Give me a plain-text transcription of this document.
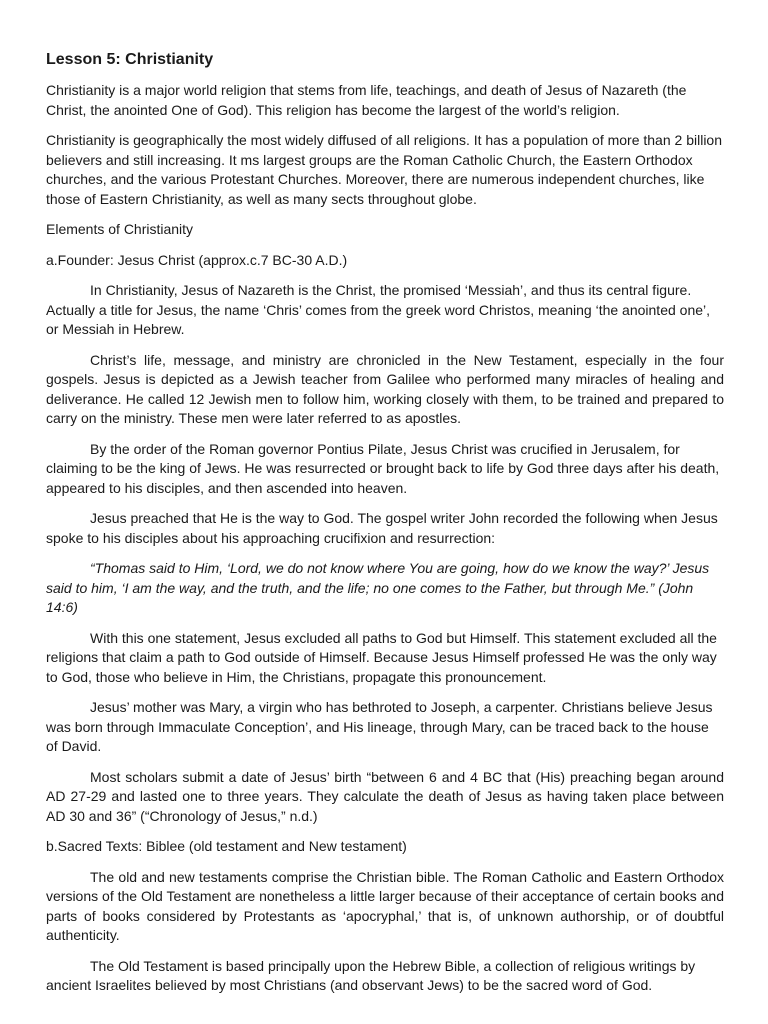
Lesson 5: Christianity

Christianity is a major world religion that stems from life, teachings, and death of Jesus of Nazareth (the Christ, the anointed One of God). This religion has become the largest of the world’s religion.

Christianity is geographically the most widely diffused of all religions. It has a population of more than 2 billion believers and still increasing. It ms largest groups are the Roman Catholic Church, the Eastern Orthodox churches, and the various Protestant Churches. Moreover, there are numerous independent churches, like those of Eastern Christianity, as well as many sects throughout globe.

Elements of Christianity

a.Founder: Jesus Christ (approx.c.7 BC-30 A.D.)

In Christianity, Jesus of Nazareth is the Christ, the promised ‘Messiah’, and thus its central figure. Actually a title for Jesus, the name ‘Chris’ comes from the greek word Christos, meaning ‘the anointed one’, or Messiah in Hebrew.

Christ’s life, message, and ministry are chronicled in the New Testament, especially in the four gospels. Jesus is depicted as a Jewish teacher from Galilee who performed many miracles of healing and deliverance. He called 12 Jewish men to follow him, working closely with them, to be trained and prepared to carry on the ministry. These men were later referred to as apostles.

By the order of the Roman governor Pontius Pilate, Jesus Christ was crucified in Jerusalem, for claiming to be the king of Jews. He was resurrected or brought back to life by God three days after his death, appeared to his disciples, and then ascended into heaven.

Jesus preached that He is the way to God. The gospel writer John recorded the following when Jesus spoke to his disciples about his approaching crucifixion and resurrection:

“Thomas said to Him, ‘Lord, we do not know where You are going, how do we know the way?’ Jesus said to him, ‘I am the way, and the truth, and the life; no one comes to the Father, but through Me.” (John 14:6)

With this one statement, Jesus excluded all paths to God but Himself. This statement excluded all the religions that claim a path to God outside of Himself. Because Jesus Himself professed He was the only way to God, those who believe in Him, the Christians, propagate this pronouncement.

Jesus’ mother was Mary, a virgin who has bethroted to Joseph, a carpenter. Christians believe Jesus was born through Immaculate Conception’, and His lineage, through Mary, can be traced back to the house of David.

Most scholars submit a date of Jesus’ birth “between 6 and 4 BC that (His) preaching began around AD 27-29 and lasted one to three years. They calculate the death of Jesus as having taken place between AD 30 and 36” (“Chronology of Jesus,” n.d.)

b.Sacred Texts: Biblee (old testament and New testament)

The old and new testaments comprise the Christian bible. The Roman Catholic and Eastern Orthodox versions of the Old Testament are nonetheless a little larger because of their acceptance of certain books and parts of books considered by Protestants as ‘apocryphal,’ that is, of unknown authorship, or of doubtful authenticity.

The Old Testament is based principally upon the Hebrew Bible, a collection of religious writings by ancient Israelites believed by most Christians (and observant Jews) to be the sacred word of God.
